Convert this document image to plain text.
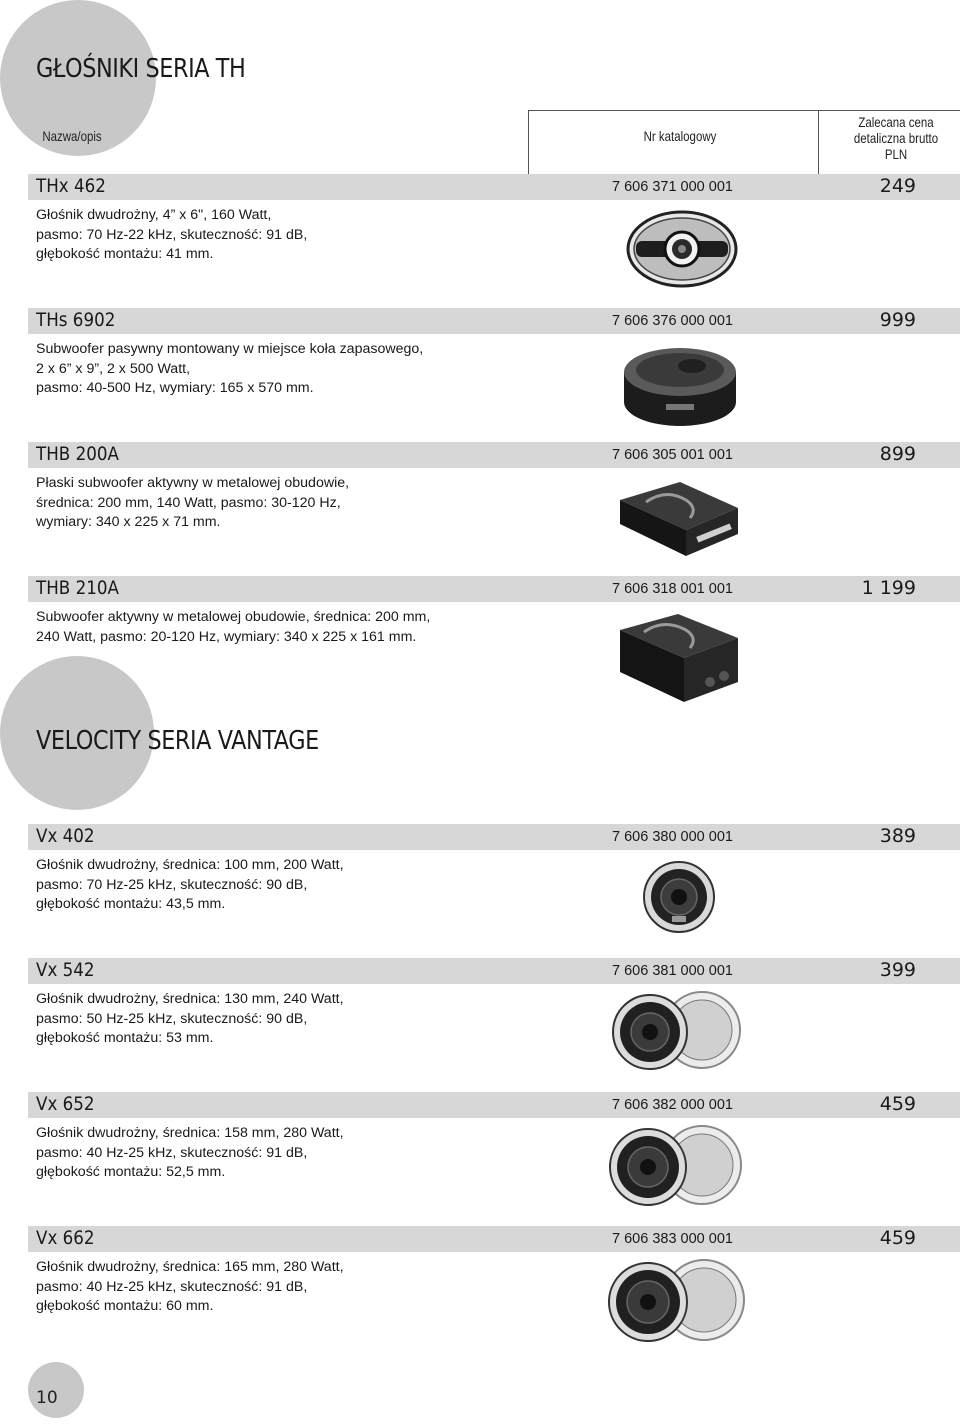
GŁOŚNIKI SERIA TH
Nazwa/opis	Nr katalogowy
Zalecana cena
detaliczna brutto
PLN
THx 462	7 606 371 000 001	249
Głośnik dwudrożny, 4” x 6", 160 Watt,
pasmo: 70 Hz-22 kHz, skuteczność: 91 dB,
głębokość montażu: 41 mm.
THs 6902	7 606 376 000 001	999
Subwoofer pasywny montowany w miejsce koła zapasowego,
2 x 6” x 9”, 2 x 500 Watt,
pasmo: 40-500 Hz, wymiary: 165 x 570 mm.
THB 200A	7 606 305 001 001	899
Płaski subwoofer aktywny w metalowej obudowie,
średnica: 200 mm, 140 Watt, pasmo: 30-120 Hz,
wymiary: 340 x 225 x 71 mm.
THB 210A	7 606 318 001 001	1 199
Subwoofer aktywny w metalowej obudowie, średnica: 200 mm,
240 Watt, pasmo: 20-120 Hz, wymiary: 340 x 225 x 161 mm.
VELOCITY SERIA VANTAGE
Vx 402	7 606 380 000 001	389
Głośnik dwudrożny, średnica: 100 mm, 200 Watt,
pasmo: 70 Hz-25 kHz, skuteczność: 90 dB,
głębokość montażu: 43,5 mm.
Vx 542	7 606 381 000 001	399
Głośnik dwudrożny, średnica: 130 mm, 240 Watt,
pasmo: 50 Hz-25 kHz, skuteczność: 90 dB,
głębokość montażu: 53 mm.
Vx 652	7 606 382 000 001	459
Głośnik dwudrożny, średnica: 158 mm, 280 Watt,
pasmo: 40 Hz-25 kHz, skuteczność: 91 dB,
głębokość montażu: 52,5 mm.
Vx 662	7 606 383 000 001	459
Głośnik dwudrożny, średnica: 165 mm, 280 Watt,
pasmo: 40 Hz-25 kHz, skuteczność: 91 dB,
głębokość montażu: 60 mm.
10
